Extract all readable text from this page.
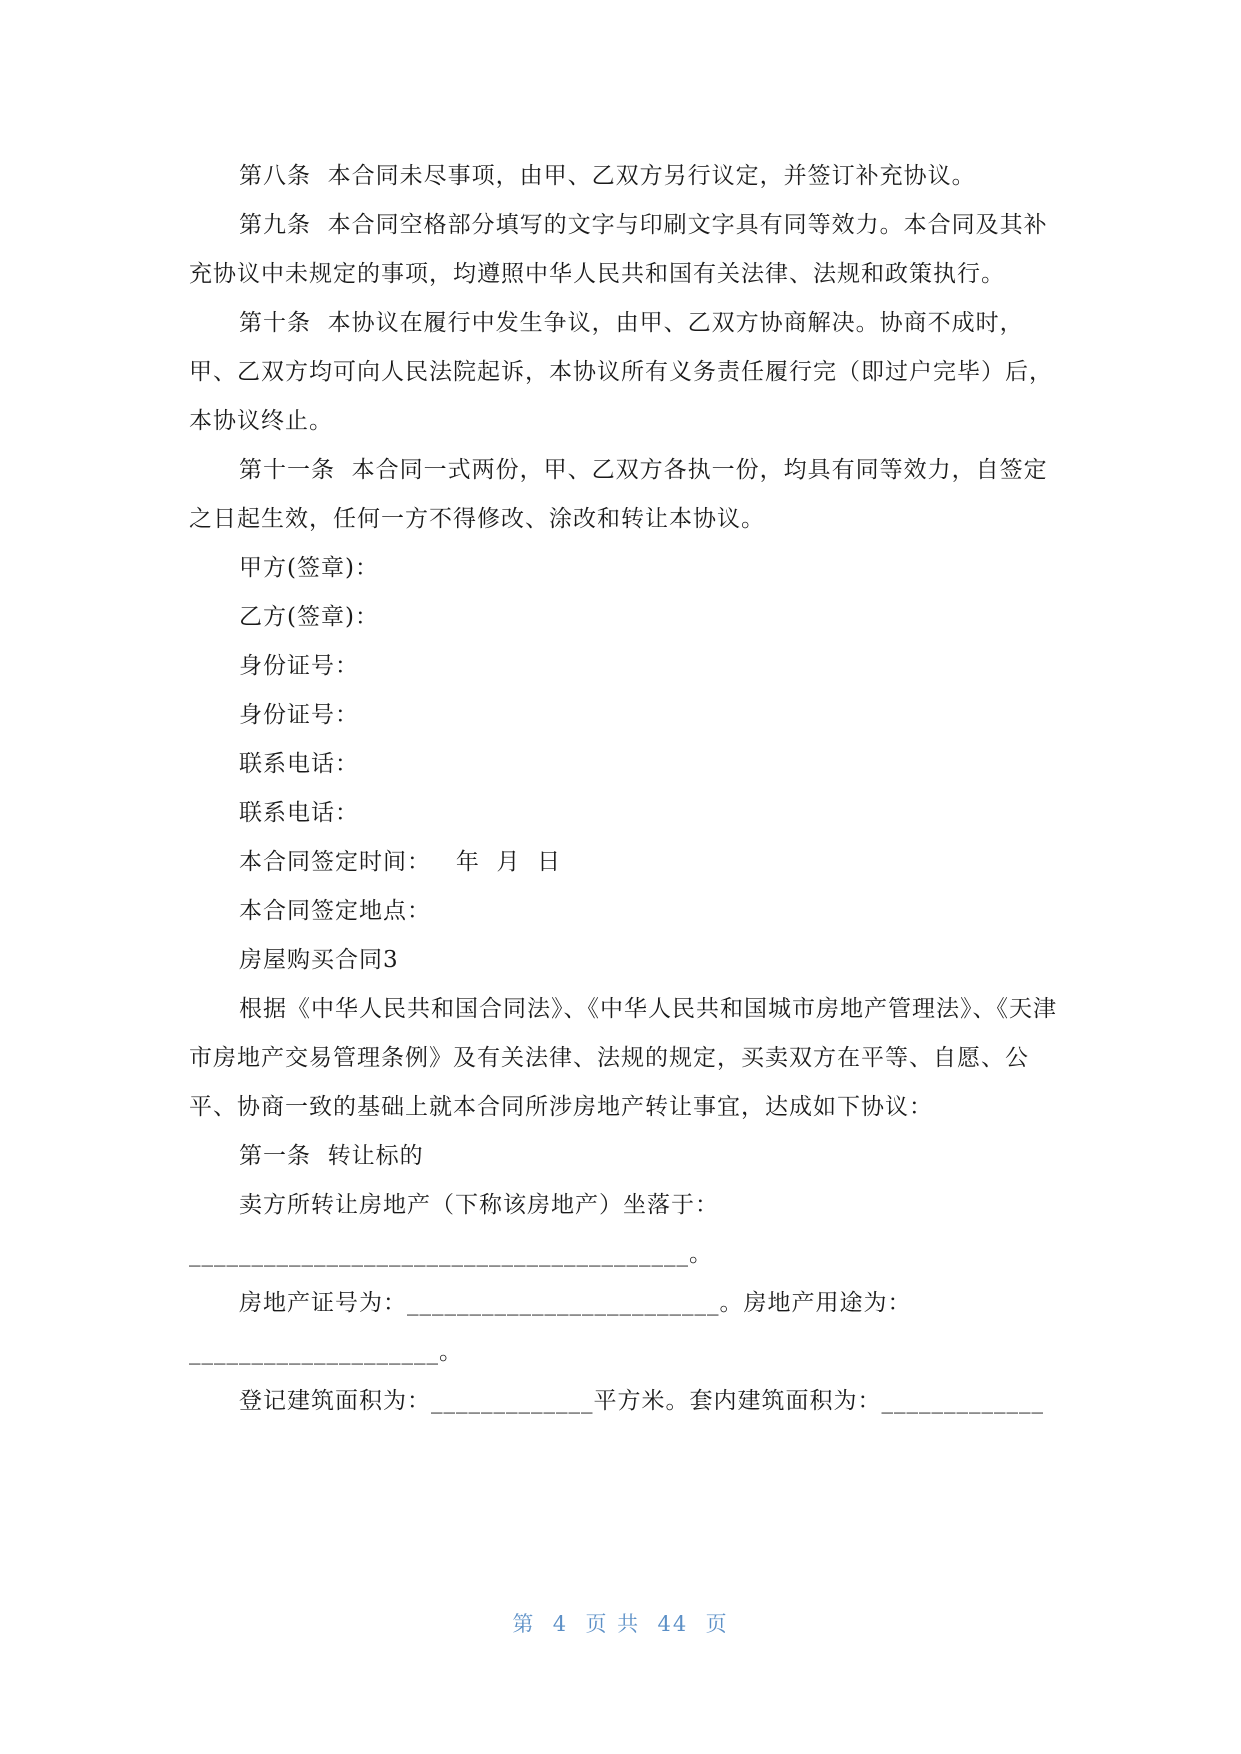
第八条  本合同未尽事项，由甲、乙双方另行议定，并签订补充协议。

第九条  本合同空格部分填写的文字与印刷文字具有同等效力。本合同及其补充协议中未规定的事项，均遵照中华人民共和国有关法律、法规和政策执行。

第十条  本协议在履行中发生争议，由甲、乙双方协商解决。协商不成时，甲、乙双方均可向人民法院起诉，本协议所有义务责任履行完（即过户完毕）后，本协议终止。

第十一条  本合同一式两份，甲、乙双方各执一份，均具有同等效力，自签定之日起生效，任何一方不得修改、涂改和转让本协议。

甲方(签章)：

乙方(签章)：

身份证号：

身份证号：

联系电话：

联系电话：

本合同签定时间：   年  月  日

本合同签定地点：

房屋购买合同3

根据《中华人民共和国合同法》、《中华人民共和国城市房地产管理法》、《天津市房地产交易管理条例》及有关法律、法规的规定，买卖双方在平等、自愿、公平、协商一致的基础上就本合同所涉房地产转让事宜，达成如下协议：

第一条  转让标的

卖方所转让房地产（下称该房地产）坐落于：

________________________________________。

房地产证号为：_________________________。房地产用途为：____________________。

登记建筑面积为：_____________平方米。套内建筑面积为：_____________

第  4  页 共  44  页
